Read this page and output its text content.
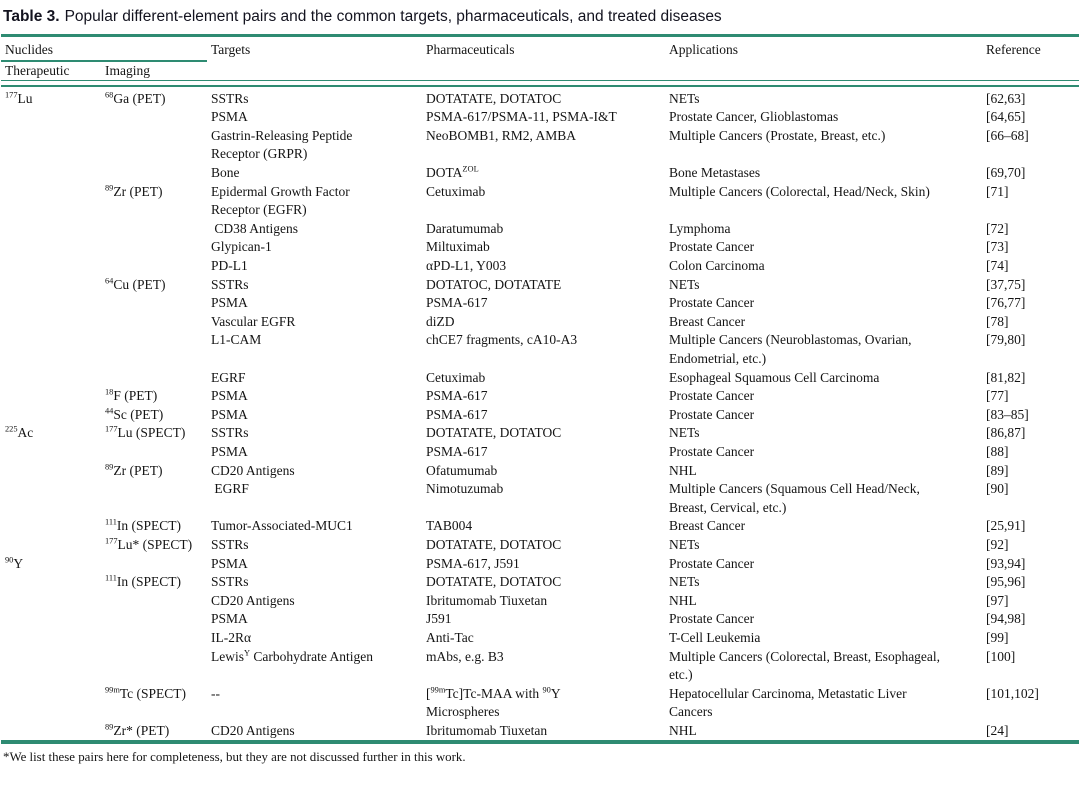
Table 3. Popular different-element pairs and the common targets, pharmaceuticals, and treated diseases
Nuclides		Targets	Pharmaceuticals	Applications	Reference
Therapeutic	Imaging				

$^{177}$Lu	$^{68}$Ga (PET)	SSTRs	DOTATATE, DOTATOC	NETs	[62,63]
		PSMA	PSMA-617/PSMA-11, PSMA-I&T	Prostate Cancer, Glioblastomas	[64,65]
		Gastrin-Releasing Peptide Receptor (GRPR)	NeoBOMB1, RM2, AMBA	Multiple Cancers (Prostate, Breast, etc.)	[66–68]
		Bone	$DOTA^{ZOL}$	Bone Metastases	[69,70]
	$^{89}$Zr (PET)	Epidermal Growth Factor Receptor (EGFR)	Cetuximab	Multiple Cancers (Colorectal, Head/Neck, Skin)	[71]
		CD38 Antigens	Daratumumab	Lymphoma	[72]
		Glypican-1	Miltuximab	Prostate Cancer	[73]
		PD-L1	αPD-L1, Y003	Colon Carcinoma	[74]
	$^{64}$Cu (PET)	SSTRs	DOTATOC, DOTATATE	NETs	[37,75]
		PSMA	PSMA-617	Prostate Cancer	[76,77]
		Vascular EGFR	diZD	Breast Cancer	[78]
		L1-CAM	chCE7 fragments, cA10-A3	Multiple Cancers (Neuroblastomas, Ovarian, Endometrial, etc.)	[79,80]
		EGRF	Cetuximab	Esophageal Squamous Cell Carcinoma	[81,82]
	$^{18}$F (PET)	PSMA	PSMA-617	Prostate Cancer	[77]
	$^{44}$Sc (PET)	PSMA	PSMA-617	Prostate Cancer	[83–85]
$^{225}$Ac	$^{177}$Lu (SPECT)	SSTRs	DOTATATE, DOTATOC	NETs	[86,87]
		PSMA	PSMA-617	Prostate Cancer	[88]
	$^{89}$Zr (PET)	CD20 Antigens	Ofatumumab	NHL	[89]
		EGRF	Nimotuzumab	Multiple Cancers (Squamous Cell Head/Neck, Breast, Cervical, etc.)	[90]
	$^{111}$In (SPECT)	Tumor-Associated-MUC1	TAB004	Breast Cancer	[25,91]
	$^{177}$Lu* (SPECT)	SSTRs	DOTATATE, DOTATOC	NETs	[92]
$^{90}$Y		PSMA	PSMA-617, J591	Prostate Cancer	[93,94]
	$^{111}$In (SPECT)	SSTRs	DOTATATE, DOTATOC	NETs	[95,96]
		CD20 Antigens	Ibritumomab Tiuxetan	NHL	[97]
		PSMA	J591	Prostate Cancer	[94,98]
		IL-2Rα	Anti-Tac	T-Cell Leukemia	[99]
		Lewis$^Y$ Carbohydrate Antigen	mAbs, e.g. B3	Multiple Cancers (Colorectal, Breast, Esophageal, etc.)	[100]
	$^{99m}$Tc (SPECT)	--	[$^{99m}$Tc]Tc-MAA with $^{90}$Y Microspheres	Hepatocellular Carcinoma, Metastatic Liver Cancers	[101,102]
	$^{89}$Zr* (PET)	CD20 Antigens	Ibritumomab Tiuxetan	NHL	[24]
*We list these pairs here for completeness, but they are not discussed further in this work.
